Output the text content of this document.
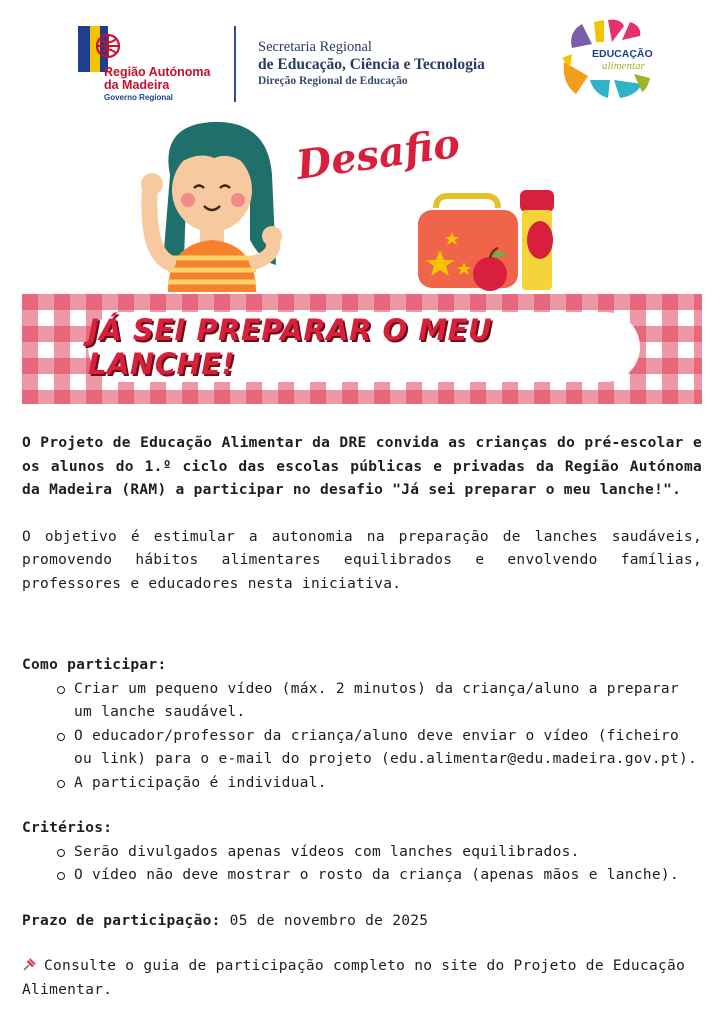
Região Autónoma da Madeira
Governo Regional
Secretaria Regional
de Educação, Ciência e Tecnologia
Direção Regional de Educação
EDUCAÇÃO
alimentar
Desafio
JÁ SEI PREPARAR O MEU LANCHE!

O Projeto de Educação Alimentar da DRE convida as crianças do pré-escolar e os alunos do 1.º ciclo das escolas públicas e privadas da Região Autónoma da Madeira (RAM) a participar no desafio "Já sei preparar o meu lanche!".

O objetivo é estimular a autonomia na preparação de lanches saudáveis, promovendo hábitos alimentares equilibrados e envolvendo famílias, professores e educadores nesta iniciativa.

Como participar:

Criar um pequeno vídeo (máx. 2 minutos) da criança/aluno a preparar um lanche saudável.
O educador/professor da criança/aluno deve enviar o vídeo (ficheiro ou link) para o e-mail do projeto (edu.alimentar@edu.madeira.gov.pt).
A participação é individual.

Critérios:

Serão divulgados apenas vídeos com lanches equilibrados.
O vídeo não deve mostrar o rosto da criança (apenas mãos e lanche).

Prazo de participação: 05 de novembro de 2025

Consulte o guia de participação completo no site do Projeto de Educação Alimentar.
